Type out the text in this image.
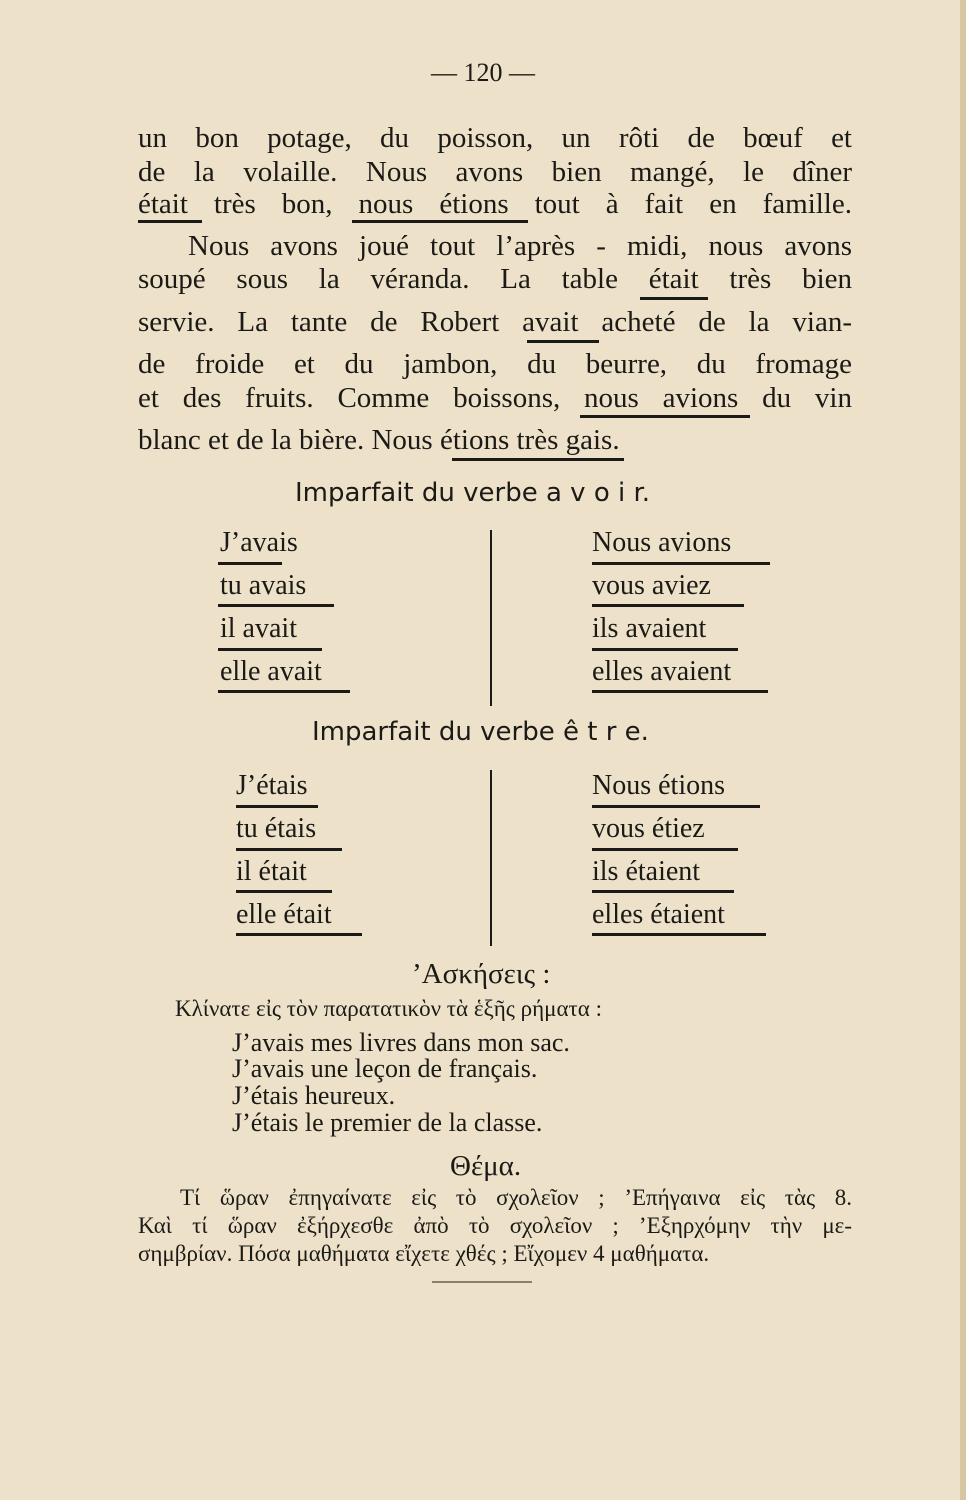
— 120 —
un bon potage, du poisson, un rôti de bœuf et
de la volaille. Nous avons bien mangé, le dîner
était très bon, nous étions tout à fait en famille.
Nous avons joué tout l’après - midi, nous avons
soupé sous la véranda. La table était très bien
servie. La tante de Robert avait acheté de la vian-
de froide et du jambon, du beurre, du fromage
et des fruits. Comme boissons, nous avions du vin
blanc et de la bière. Nous étions très gais.
Imparfait du verbe a v o i r.
J’avais
tu avais
il avait
elle avait
Nous avions
vous aviez
ils avaient
elles avaient
Imparfait du verbe ê t r e.
J’étais
tu étais
il était
elle était
Nous étions
vous étiez
ils étaient
elles étaient
’Ασκήσεις :
Κλίνατε εἰς τὸν παρατατικὸν τὰ ἑξῆς ρήματα :
J’avais mes livres dans mon sac.
J’avais une leçon de français.
J’étais heureux.
J’étais le premier de la classe.
Θέμα.
Τί ὥραν ἐπηγαίνατε εἰς τὸ σχολεῖον ; ’Επήγαινα εἰς τὰς 8.
Καὶ τί ὥραν ἐξήρχεσθε ἀπὸ τὸ σχολεῖον ; ’Εξηρχόμην τὴν με-
σημβρίαν. Πόσα μαθήματα εἴχετε χθές ; Εἴχομεν 4 μαθήματα.
